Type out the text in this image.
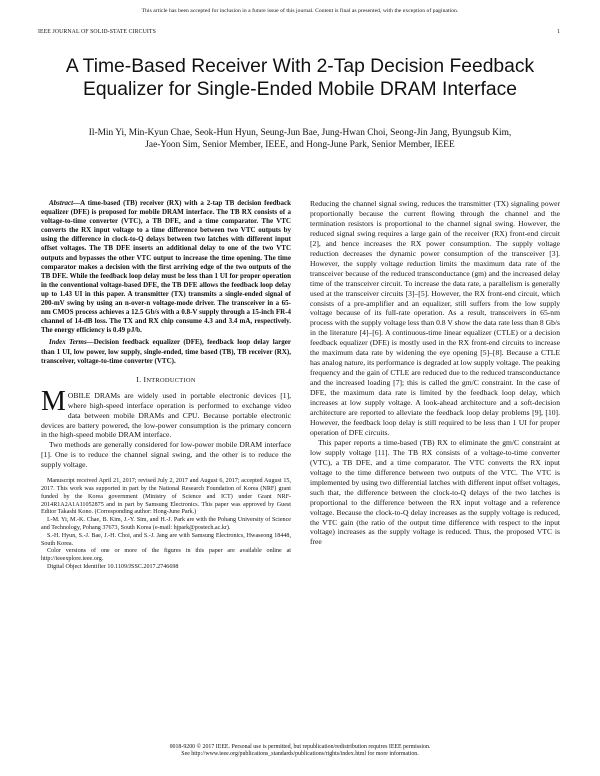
This article has been accepted for inclusion in a future issue of this journal. Content is final as presented, with the exception of pagination.
IEEE JOURNAL OF SOLID-STATE CIRCUITS	1
A Time-Based Receiver With 2-Tap Decision Feedback Equalizer for Single-Ended Mobile DRAM Interface
Il-Min Yi, Min-Kyun Chae, Seok-Hun Hyun, Seung-Jun Bae, Jung-Hwan Choi, Seong-Jin Jang, Byungsub Kim,
Jae-Yoon Sim, Senior Member, IEEE, and Hong-June Park, Senior Member, IEEE

Abstract—A time-based (TB) receiver (RX) with a 2-tap TB decision feedback equalizer (DFE) is proposed for mobile DRAM interface. The TB RX consists of a voltage-to-time converter (VTC), a TB DFE, and a time comparator. The VTC converts the RX input voltage to a time difference between two VTC outputs by using the difference in clock-to-Q delays between two latches with different input offset voltages. The TB DFE inserts an additional delay to one of the two VTC outputs and bypasses the other VTC output to increase the time opening. The time comparator makes a decision with the first arriving edge of the two outputs of the TB DFE. While the feedback loop delay must be less than 1 UI for proper operation in the conventional voltage-based DFE, the TB DFE allows the feedback loop delay up to 1.43 UI in this paper. A transmitter (TX) transmits a single-ended signal of 200-mV swing by using an n-over-n voltage-mode driver. The transceiver in a 65-nm CMOS process achieves a 12.5 Gb/s with a 0.8-V supply through a 15-inch FR-4 channel of 14-dB loss. The TX and RX chip consume 4.3 and 3.4 mA, respectively. The energy efficiency is 0.49 pJ/b.

Index Terms—Decision feedback equalizer (DFE), feedback loop delay larger than 1 UI, low power, low supply, single-ended, time based (TB), TB receiver (RX), transceiver, voltage-to-time converter (VTC).

I. INTRODUCTION

MOBILE DRAMs are widely used in portable electronic devices [1], where high-speed interface operation is performed to exchange video data between mobile DRAMs and CPU. Because portable electronic devices are battery powered, the low-power consumption is the primary concern in the high-speed mobile DRAM interface.

Two methods are generally considered for low-power mobile DRAM interface [1]. One is to reduce the channel signal swing, and the other is to reduce the supply voltage.

Manuscript received April 21, 2017; revised July 2, 2017 and August 6, 2017; accepted August 15, 2017. This work was supported in part by the National Research Foundation of Korea (NRF) grant funded by the Korea government (Ministry of Science and ICT) under Grant NRF-2014R1A2A1A11052875 and in part by Samsung Electronics. This paper was approved by Guest Editor Takashi Kono. (Corresponding author: Hong-June Park.)

I.-M. Yi, M.-K. Chae, B. Kim, J.-Y. Sim, and H.-J. Park are with the Pohang University of Science and Technology, Pohang 37673, South Korea (e-mail: hjpark@postech.ac.kr).

S.-H. Hyun, S.-J. Bae, J.-H. Choi, and S.-J. Jang are with Samsung Electronics, Hwaseong 18448, South Korea.

Color versions of one or more of the figures in this paper are available online at http://ieeexplore.ieee.org.

Digital Object Identifier 10.1109/JSSC.2017.2746698

Reducing the channel signal swing, reduces the transmitter (TX) signaling power proportionally because the current flowing through the channel and the termination resistors is proportional to the channel signal swing. However, the reduced signal swing requires a large gain of the receiver (RX) front-end circuit [2], and hence increases the RX power consumption. The supply voltage reduction decreases the dynamic power consumption of the transceiver [3]. However, the supply voltage reduction limits the maximum data rate of the transceiver because of the reduced transconductance (gm) and the increased delay time of the transceiver circuit. To increase the data rate, a parallelism is generally used at the transceiver circuits [3]–[5]. However, the RX front-end circuit, which consists of a pre-amplifier and an equalizer, still suffers from the low supply voltage because of its full-rate operation. As a result, transceivers in 65-nm process with the supply voltage less than 0.8 V show the data rate less than 8 Gb/s in the literature [4]–[6]. A continuous-time linear equalizer (CTLE) or a decision feedback equalizer (DFE) is mostly used in the RX front-end circuits to increase the maximum data rate by widening the eye opening [5]–[8]. Because a CTLE has analog nature, its performance is degraded at low supply voltage. The peaking frequency and the gain of CTLE are reduced due to the reduced transconductance and the increased loading [7]; this is called the gm/C constraint. In the case of DFE, the maximum data rate is limited by the feedback loop delay, which increases at low supply voltage. A look-ahead architecture and a soft-decision architecture are reported to alleviate the feedback loop delay problems [9], [10]. However, the feedback loop delay is still required to be less than 1 UI for proper operation of DFE circuits.

This paper reports a time-based (TB) RX to eliminate the gm/C constraint at low supply voltage [11]. The TB RX consists of a voltage-to-time converter (VTC), a TB DFE, and a time comparator. The VTC converts the RX input voltage to the time difference between two outputs of the VTC. The VTC is implemented by using two differential latches with different input offset voltages, such that, the difference between the clock-to-Q delays of the two latches is proportional to the difference between the RX input voltage and a reference voltage. Because the clock-to-Q delay increases as the supply voltage is reduced, the VTC gain (the ratio of the output time difference with respect to the input voltage) increases as the supply voltage is reduced. Thus, the proposed VTC is free

0018-9200 © 2017 IEEE. Personal use is permitted, but republication/redistribution requires IEEE permission.
See http://www.ieee.org/publications_standards/publications/rights/index.html for more information.
